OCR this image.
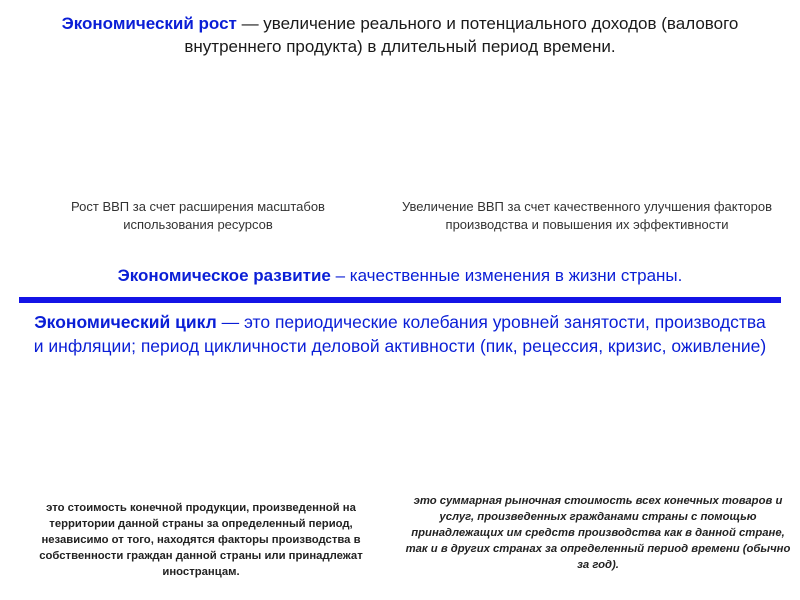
Экономический рост — увеличение реального и потенциального доходов (валового внутреннего продукта) в длительный период времени.
Рост ВВП за счет расширения масштабов использования ресурсов
Увеличение ВВП за счет качественного улучшения факторов производства и повышения их эффективности
Экономическое развитие – качественные изменения в жизни страны.
Экономический цикл — это периодические колебания уровней занятости, производства и инфляции; период цикличности деловой активности (пик, рецессия, кризис, оживление)
это стоимость конечной продукции, произведенной на территории данной страны за определенный период, независимо от того, находятся факторы производства в собственности граждан данной страны или принадлежат иностранцам.
это суммарная рыночная стоимость всех конечных товаров и услуг, произведенных гражданами страны с помощью принадлежащих им средств производства как в данной стране, так и в других странах за определенный период времени (обычно за год).
